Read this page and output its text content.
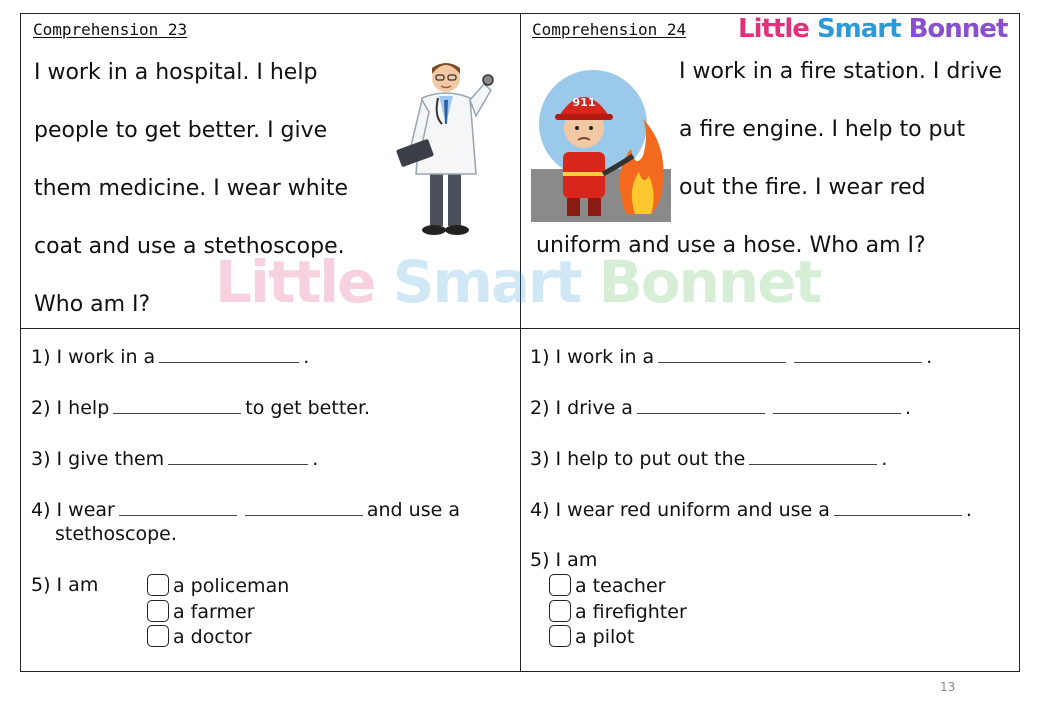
Comprehension 23
I work in a hospital. I help
people to get better. I give
them medicine. I wear white
coat and use a stethoscope.
Who am I?
Comprehension 24
I work in a fire station. I drive
a fire engine. I help to put
out the fire. I wear red
uniform and use a hose. Who am I?
911
1) I work in a	.
2) I help	to get better.
3) I give them	.
4) I wear	and use a
stethoscope.
5) I am	a policeman
a farmer
a doctor
1) I work in a	.
2) I drive a	.
3) I help to put out the	.
4) I wear red uniform and use a	.
5) I am
a teacher
a firefighter
a pilot
Little Smart Bonnet
Little Smart Bonnet
13
